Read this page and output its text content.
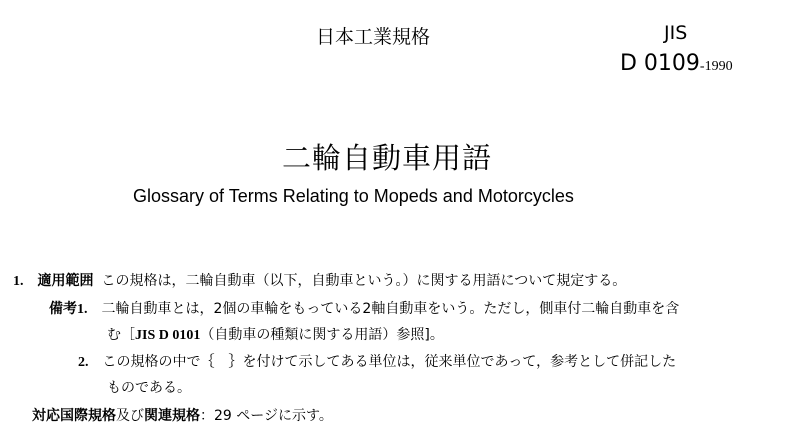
日本工業規格	JIS
D 0109-1990
二輪自動車用語
Glossary of Terms Relating to Mopeds and Motorcycles
1. 適用範囲 この規格は，二輪自動車（以下，自動車という。）に関する用語について規定する。
備考1. 二輪自動車とは，2個の車輪をもっている2軸自動車をいう。ただし，側車付二輪自動車を含
む［JIS D 0101（自動車の種類に関する用語）参照]。
2. この規格の中で｛　｝を付けて示してある単位は，従来単位であって，参考として併記した
ものである。
対応国際規格及び関連規格：29 ページに示す。
